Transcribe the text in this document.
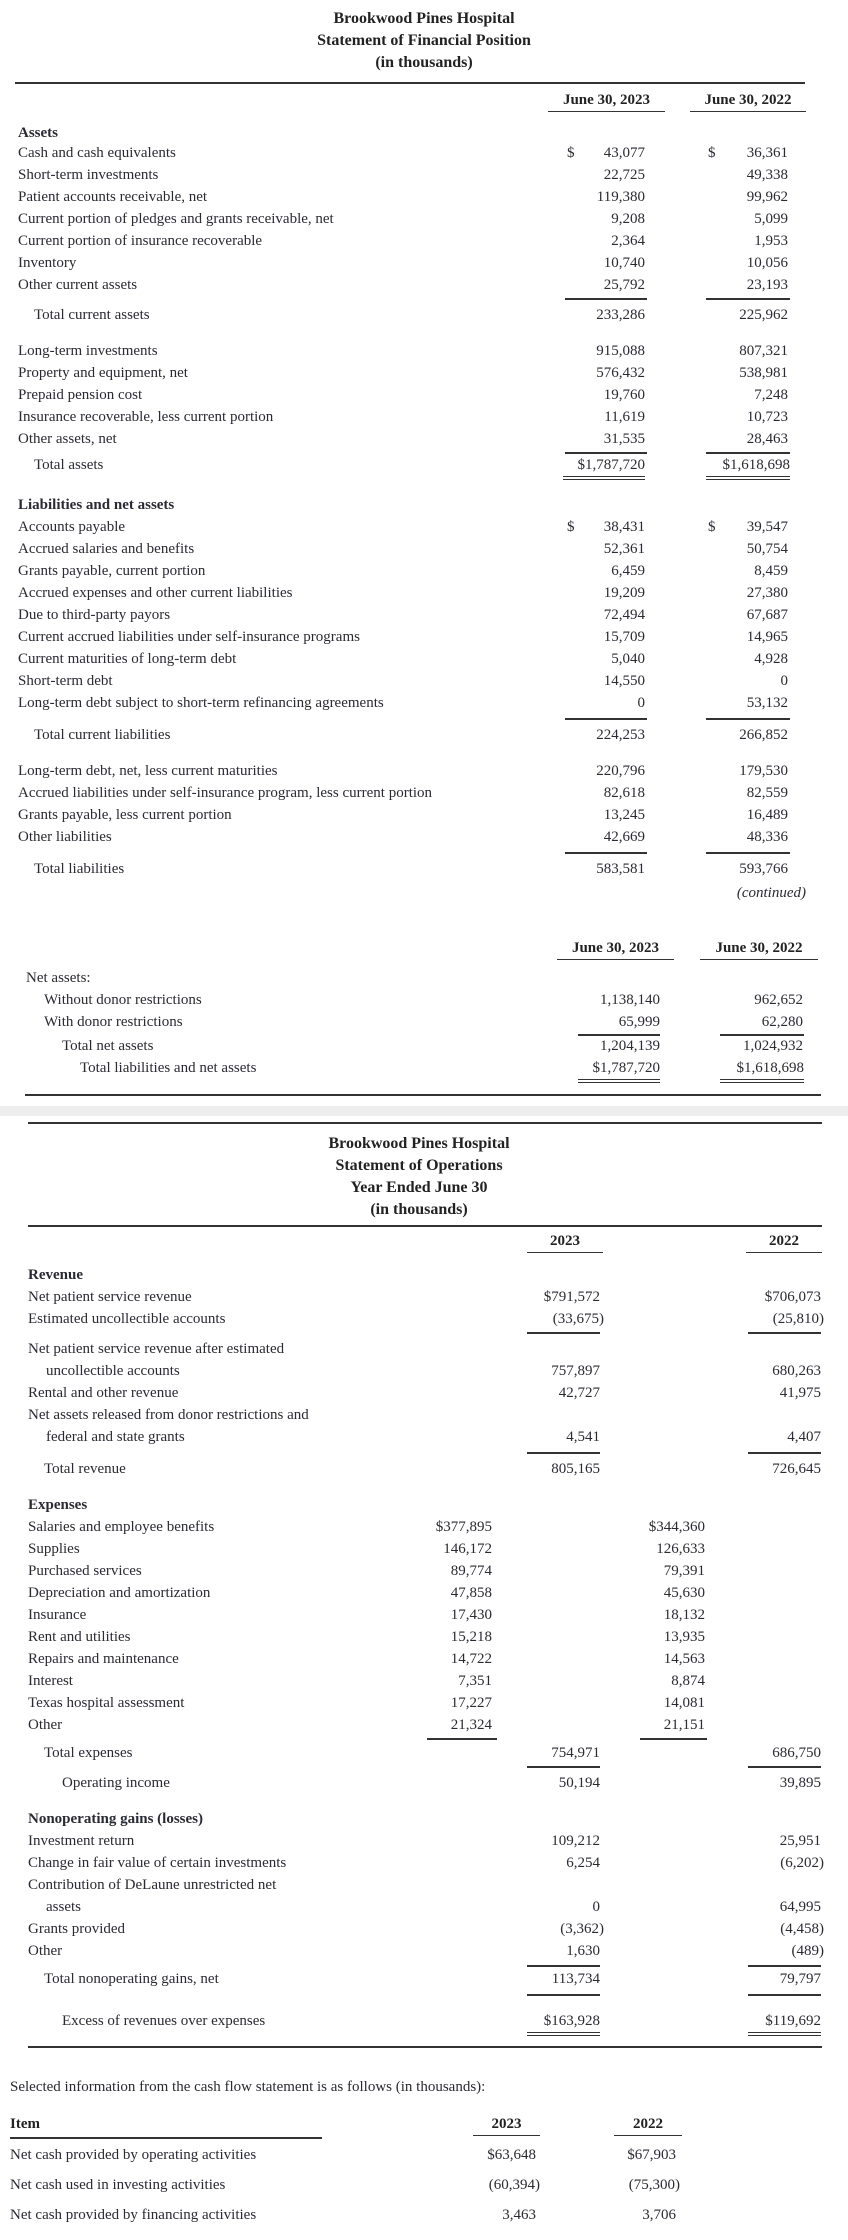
Brookwood Pines Hospital
Statement of Financial Position
(in thousands)
June 30, 2023	June 30, 2022
Assets
Cash and cash equivalents	$ 43,077	$ 36,361
Short-term investments	22,725	49,338
Patient accounts receivable, net	119,380	99,962
Current portion of pledges and grants receivable, net	9,208	5,099
Current portion of insurance recoverable	2,364	1,953
Inventory	10,740	10,056
Other current assets	25,792	23,193
Total current assets	233,286	225,962
Long-term investments	915,088	807,321
Property and equipment, net	576,432	538,981
Prepaid pension cost	19,760	7,248
Insurance recoverable, less current portion	11,619	10,723
Other assets, net	31,535	28,463
Total assets	$1,787,720	$1,618,698
Liabilities and net assets
Accounts payable	$ 38,431	$ 39,547
Accrued salaries and benefits	52,361	50,754
Grants payable, current portion	6,459	8,459
Accrued expenses and other current liabilities	19,209	27,380
Due to third-party payors	72,494	67,687
Current accrued liabilities under self-insurance programs	15,709	14,965
Current maturities of long-term debt	5,040	4,928
Short-term debt	14,550	0
Long-term debt subject to short-term refinancing agreements	0	53,132
Total current liabilities	224,253	266,852
Long-term debt, net, less current maturities	220,796	179,530
Accrued liabilities under self-insurance program, less current portion	82,618	82,559
Grants payable, less current portion	13,245	16,489
Other liabilities	42,669	48,336
Total liabilities	583,581	593,766
(continued)
June 30, 2023	June 30, 2022
Net assets:
Without donor restrictions	1,138,140	962,652
With donor restrictions	65,999	62,280
Total net assets	1,204,139	1,024,932
Total liabilities and net assets	$1,787,720	$1,618,698
Brookwood Pines Hospital
Statement of Operations
Year Ended June 30
(in thousands)
2023	2022
Revenue
Net patient service revenue	$791,572	$706,073
Estimated uncollectible accounts	(33,675)	(25,810)
Net patient service revenue after estimated
uncollectible accounts	757,897	680,263
Rental and other revenue	42,727	41,975
Net assets released from donor restrictions and
federal and state grants	4,541	4,407
Total revenue	805,165	726,645
Expenses
Salaries and employee benefits	$377,895	$344,360
Supplies	146,172	126,633
Purchased services	89,774	79,391
Depreciation and amortization	47,858	45,630
Insurance	17,430	18,132
Rent and utilities	15,218	13,935
Repairs and maintenance	14,722	14,563
Interest	7,351	8,874
Texas hospital assessment	17,227	14,081
Other	21,324	21,151
Total expenses	754,971	686,750
Operating income	50,194	39,895
Nonoperating gains (losses)
Investment return	109,212	25,951
Change in fair value of certain investments	6,254	(6,202)
Contribution of DeLaune unrestricted net
assets	0	64,995
Grants provided	(3,362)	(4,458)
Other	1,630	(489)
Total nonoperating gains, net	113,734	79,797
Excess of revenues over expenses	$163,928	$119,692
Selected information from the cash flow statement is as follows (in thousands):
Item	2023	2022
Net cash provided by operating activities	$63,648	$67,903
Net cash used in investing activities	(60,394)	(75,300)
Net cash provided by financing activities	3,463	3,706
